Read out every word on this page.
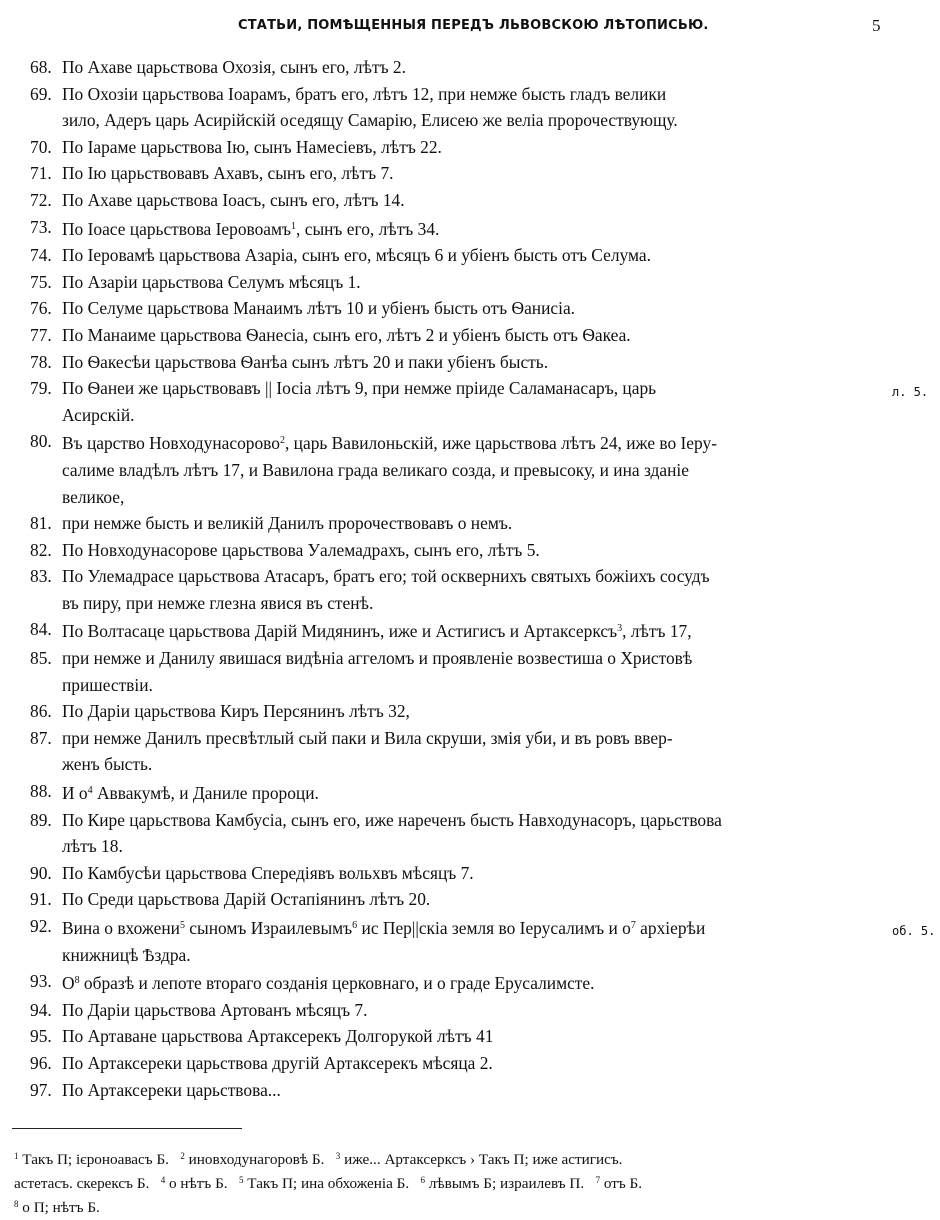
СТАТЬИ, ПОМѢЩЕННЫЯ ПЕРЕДЪ ЛЬВОВСКОЮ ЛѢТОПИСЬЮ.	5
68. По Ахаве царьствова Охозія, сынъ его, лѣтъ 2.
69. По Охозіи царьствова Іоарамъ, братъ его, лѣтъ 12, при немже бысть гладъ велики
зило, Адеръ царь Асирійскій оседящу Самарію, Елисею же веліа пророчествующу.
70. По Іараме царьствова Ію, сынъ Намесіевъ, лѣтъ 22.
71. По Ію царьствовавъ Ахавъ, сынъ его, лѣтъ 7.
72. По Ахаве царьствова Іоасъ, сынъ его, лѣтъ 14.
73. По Іоасе царьствова Іеровоамъ$^1$, сынъ его, лѣтъ 34.
74. По Іеровамѣ царьствова Азаріа, сынъ его, мѣсяцъ 6 и убіенъ бысть отъ Селума.
75. По Азаріи царьствова Селумъ мѣсяцъ 1.
76. По Селуме царьствова Манаимъ лѣтъ 10 и убіенъ бысть отъ Ѳанисіа.
77. По Манаиме царьствова Ѳанесіа, сынъ его, лѣтъ 2 и убіенъ бысть отъ Ѳакеа.
78. По Ѳакесѣи царьствова Ѳанѣа сынъ лѣтъ 20 и паки убіенъ бысть.
79. По Ѳанеи же царьствовавъ || Іосіа лѣтъ 9, при немже пріиде Саламанасаръ, царь
Асирскій.
80. Въ царство Новходунасорово$^2$, царь Вавилоньскій, иже царьствова лѣтъ 24, иже во Іеру-
салиме владѣлъ лѣтъ 17, и Вавилона града великаго созда, и превысоку, и ина зданіе
великое,
81. при немже бысть и великій Данилъ пророчествовавъ о немъ.
82. По Новходунасорове царьствова Уалемадрахъ, сынъ его, лѣтъ 5.
83. По Улемадрасе царьствова Атасаръ, братъ его; той осквернихъ святыхъ божіихъ сосудъ
въ пиру, при немже глезна явися въ стенѣ.
84. По Волтасаце царьствова Дарій Мидянинъ, иже и Астигисъ и Артаксерксъ$^3$, лѣтъ 17,
85. при немже и Данилу явишася видѣніа аггеломъ и проявленіе возвестиша о Христовѣ
пришествіи.
86. По Даріи царьствова Киръ Персянинъ лѣтъ 32,
87. при немже Данилъ пресвѣтлый сый паки и Вила скруши, змія уби, и въ ровъ ввер-
женъ бысть.
88. И $о^4$ Аввакумѣ, и Даниле пророци.
89. По Кире царьствова Камбусіа, сынъ его, иже нареченъ бысть Навходунасоръ, царьствова
лѣтъ 18.
90. По Камбусѣи царьствова Спередіявъ вольхвъ мѣсяцъ 7.
91. По Среди царьствова Дарій Остапіянинъ лѣтъ 20.
92. Вина о вхожени$^5$ сыномъ Израилевымъ$^6$ ис Пер||скіа земля во Іерусалимъ и $о^7$ архіерѣи
книжницѣ Ѣздра.
93. $О^8$ образѣ и лепоте втораго созданія церковнаго, и о граде Ерусалимсте.
94. По Даріи царьствова Артованъ мѣсяцъ 7.
95. По Артаване царьствова Артаксерекъ Долгорукой лѣтъ 41
96. По Артаксереки царьствова другій Артаксерекъ мѣсяца 2.
97. По Артаксереки царьствова...
л. 5.
об. 5.
$^1$ Такъ П; ієроноавасъ Б. $^2$ иновходунагоровѣ Б. $^3$ иже... Артаксерксъ › Такъ П; иже астигисъ.
астетасъ. скерексъ Б. $^4$ о нѣтъ Б. $^5$ Такъ П; ина обхоженіа Б. $^6$ лѣвымъ Б; израилевъ П. $^7$ отъ Б.
$^8$ о П; нѣтъ Б.
